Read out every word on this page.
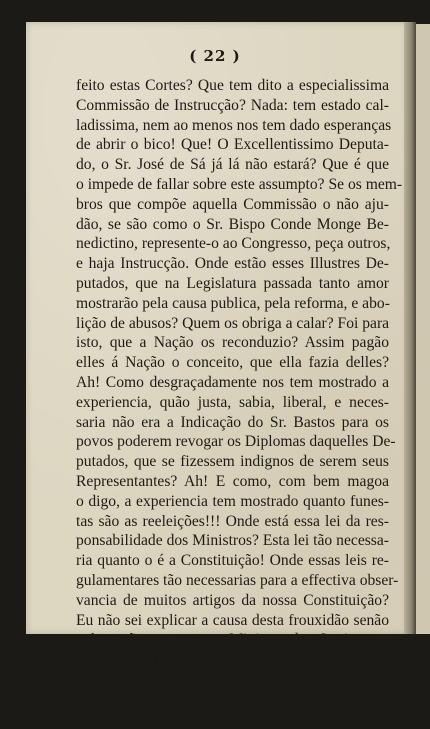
( 22 )
feito estas Cortes? Que tem dito a especialissima
Commissão de Instrucção? Nada: tem estado cal-
ladissima, nem ao menos nos tem dado esperanças
de abrir o bico! Que! O Excellentissimo Deputa-
do, o Sr. José de Sá já lá não estará? Que é que
o impede de fallar sobre este assumpto? Se os mem-
bros que compõe aquella Commissão o não aju-
dão, se são como o Sr. Bispo Conde Monge Be-
nedictino, represente-o ao Congresso, peça outros,
e haja Instrucção. Onde estão esses Illustres De-
putados, que na Legislatura passada tanto amor
mostrarão pela causa publica, pela reforma, e abo-
lição de abusos? Quem os obriga a calar? Foi para
isto, que a Nação os reconduzio? Assim pagão
elles á Nação o conceito, que ella fazia delles?
Ah! Como desgraçadamente nos tem mostrado a
experiencia, quão justa, sabia, liberal, e neces-
saria não era a Indicação do Sr. Bastos para os
povos poderem revogar os Diplomas daquelles De-
putados, que se fizessem indignos de serem seus
Representantes? Ah! E como, com bem magoa
o digo, a experiencia tem mostrado quanto funes-
tas são as reeleições!!! Onde está essa lei da res-
ponsabilidade dos Ministros? Esta lei tão necessa-
ria quanto o é a Constituição! Onde essas leis re-
gulamentares tão necessarias para a effectiva obser-
vancia de muitos artigos da nossa Constituição?
Eu não sei explicar a causa desta frouxidão senão
pela razão, porque ao Ministro das Justiças se
orçarão 10 contos de reis para espionagem, que
em quanto a mim foi o mesmo que dizer: “Ci-
dadãos, o art. 7 da Constituição, que garante os
vossos pensamentos, o artigo, que diz, a livre
